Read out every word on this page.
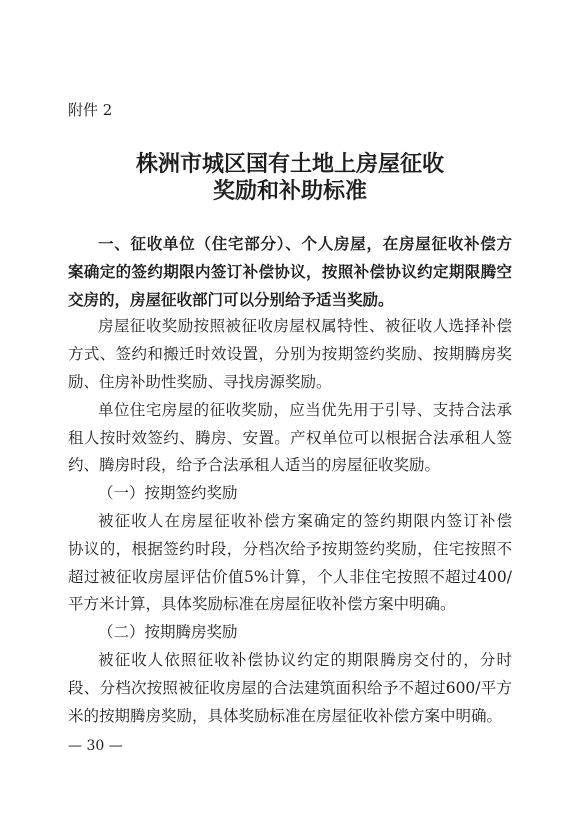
附件 2
株洲市城区国有土地上房屋征收
奖励和补助标准
一、征收单位（住宅部分）、个人房屋，在房屋征收补偿方
案确定的签约期限内签订补偿协议，按照补偿协议约定期限腾空
交房的，房屋征收部门可以分别给予适当奖励。
房屋征收奖励按照被征收房屋权属特性、被征收人选择补偿
方式、签约和搬迁时效设置，分别为按期签约奖励、按期腾房奖
励、住房补助性奖励、寻找房源奖励。
单位住宅房屋的征收奖励，应当优先用于引导、支持合法承
租人按时效签约、腾房、安置。产权单位可以根据合法承租人签
约、腾房时段，给予合法承租人适当的房屋征收奖励。
（一）按期签约奖励
被征收人在房屋征收补偿方案确定的签约期限内签订补偿
协议的，根据签约时段，分档次给予按期签约奖励，住宅按照不
超过被征收房屋评估价值5%计算，个人非住宅按照不超过400/
平方米计算，具体奖励标准在房屋征收补偿方案中明确。
（二）按期腾房奖励
被征收人依照征收补偿协议约定的期限腾房交付的，分时
段、分档次按照被征收房屋的合法建筑面积给予不超过600/平方
米的按期腾房奖励，具体奖励标准在房屋征收补偿方案中明确。
— 30 —
